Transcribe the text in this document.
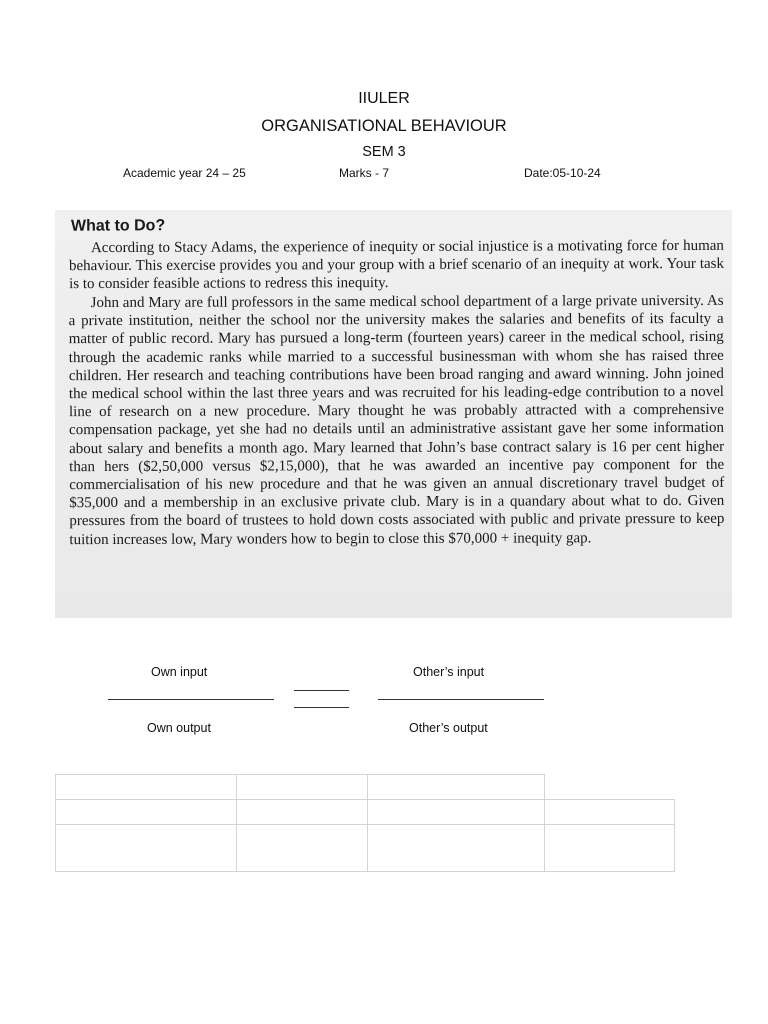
IIULER
ORGANISATIONAL BEHAVIOUR
SEM 3
Academic year 24 – 25	Marks - 7	Date:05-10-24
What to Do?

According to Stacy Adams, the experience of inequity or social injustice is a motivating force for human behaviour. This exercise provides you and your group with a brief scenario of an inequity at work. Your task is to consider feasible actions to redress this inequity.

John and Mary are full professors in the same medical school department of a large private university. As a private institution, neither the school nor the university makes the salaries and benefits of its faculty a matter of public record. Mary has pursued a long-term (fourteen years) career in the medical school, rising through the academic ranks while married to a successful businessman with whom she has raised three children. Her research and teaching contributions have been broad ranging and award winning. John joined the medical school within the last three years and was recruited for his leading-edge contribution to a novel line of research on a new procedure. Mary thought he was probably attracted with a comprehensive compensation package, yet she had no details until an administrative assistant gave her some information about salary and benefits a month ago. Mary learned that John’s base contract salary is 16 per cent higher than hers ($2,50,000 versus $2,15,000), that he was awarded an incentive pay component for the commercialisation of his new procedure and that he was given an annual discretionary travel budget of $35,000 and a membership in an exclusive private club. Mary is in a quandary about what to do. Given pressures from the board of trustees to hold down costs associated with public and private pressure to keep tuition increases low, Mary wonders how to begin to close this $70,000 + inequity gap.

Own input	Other’s input
Own output	Other’s output
